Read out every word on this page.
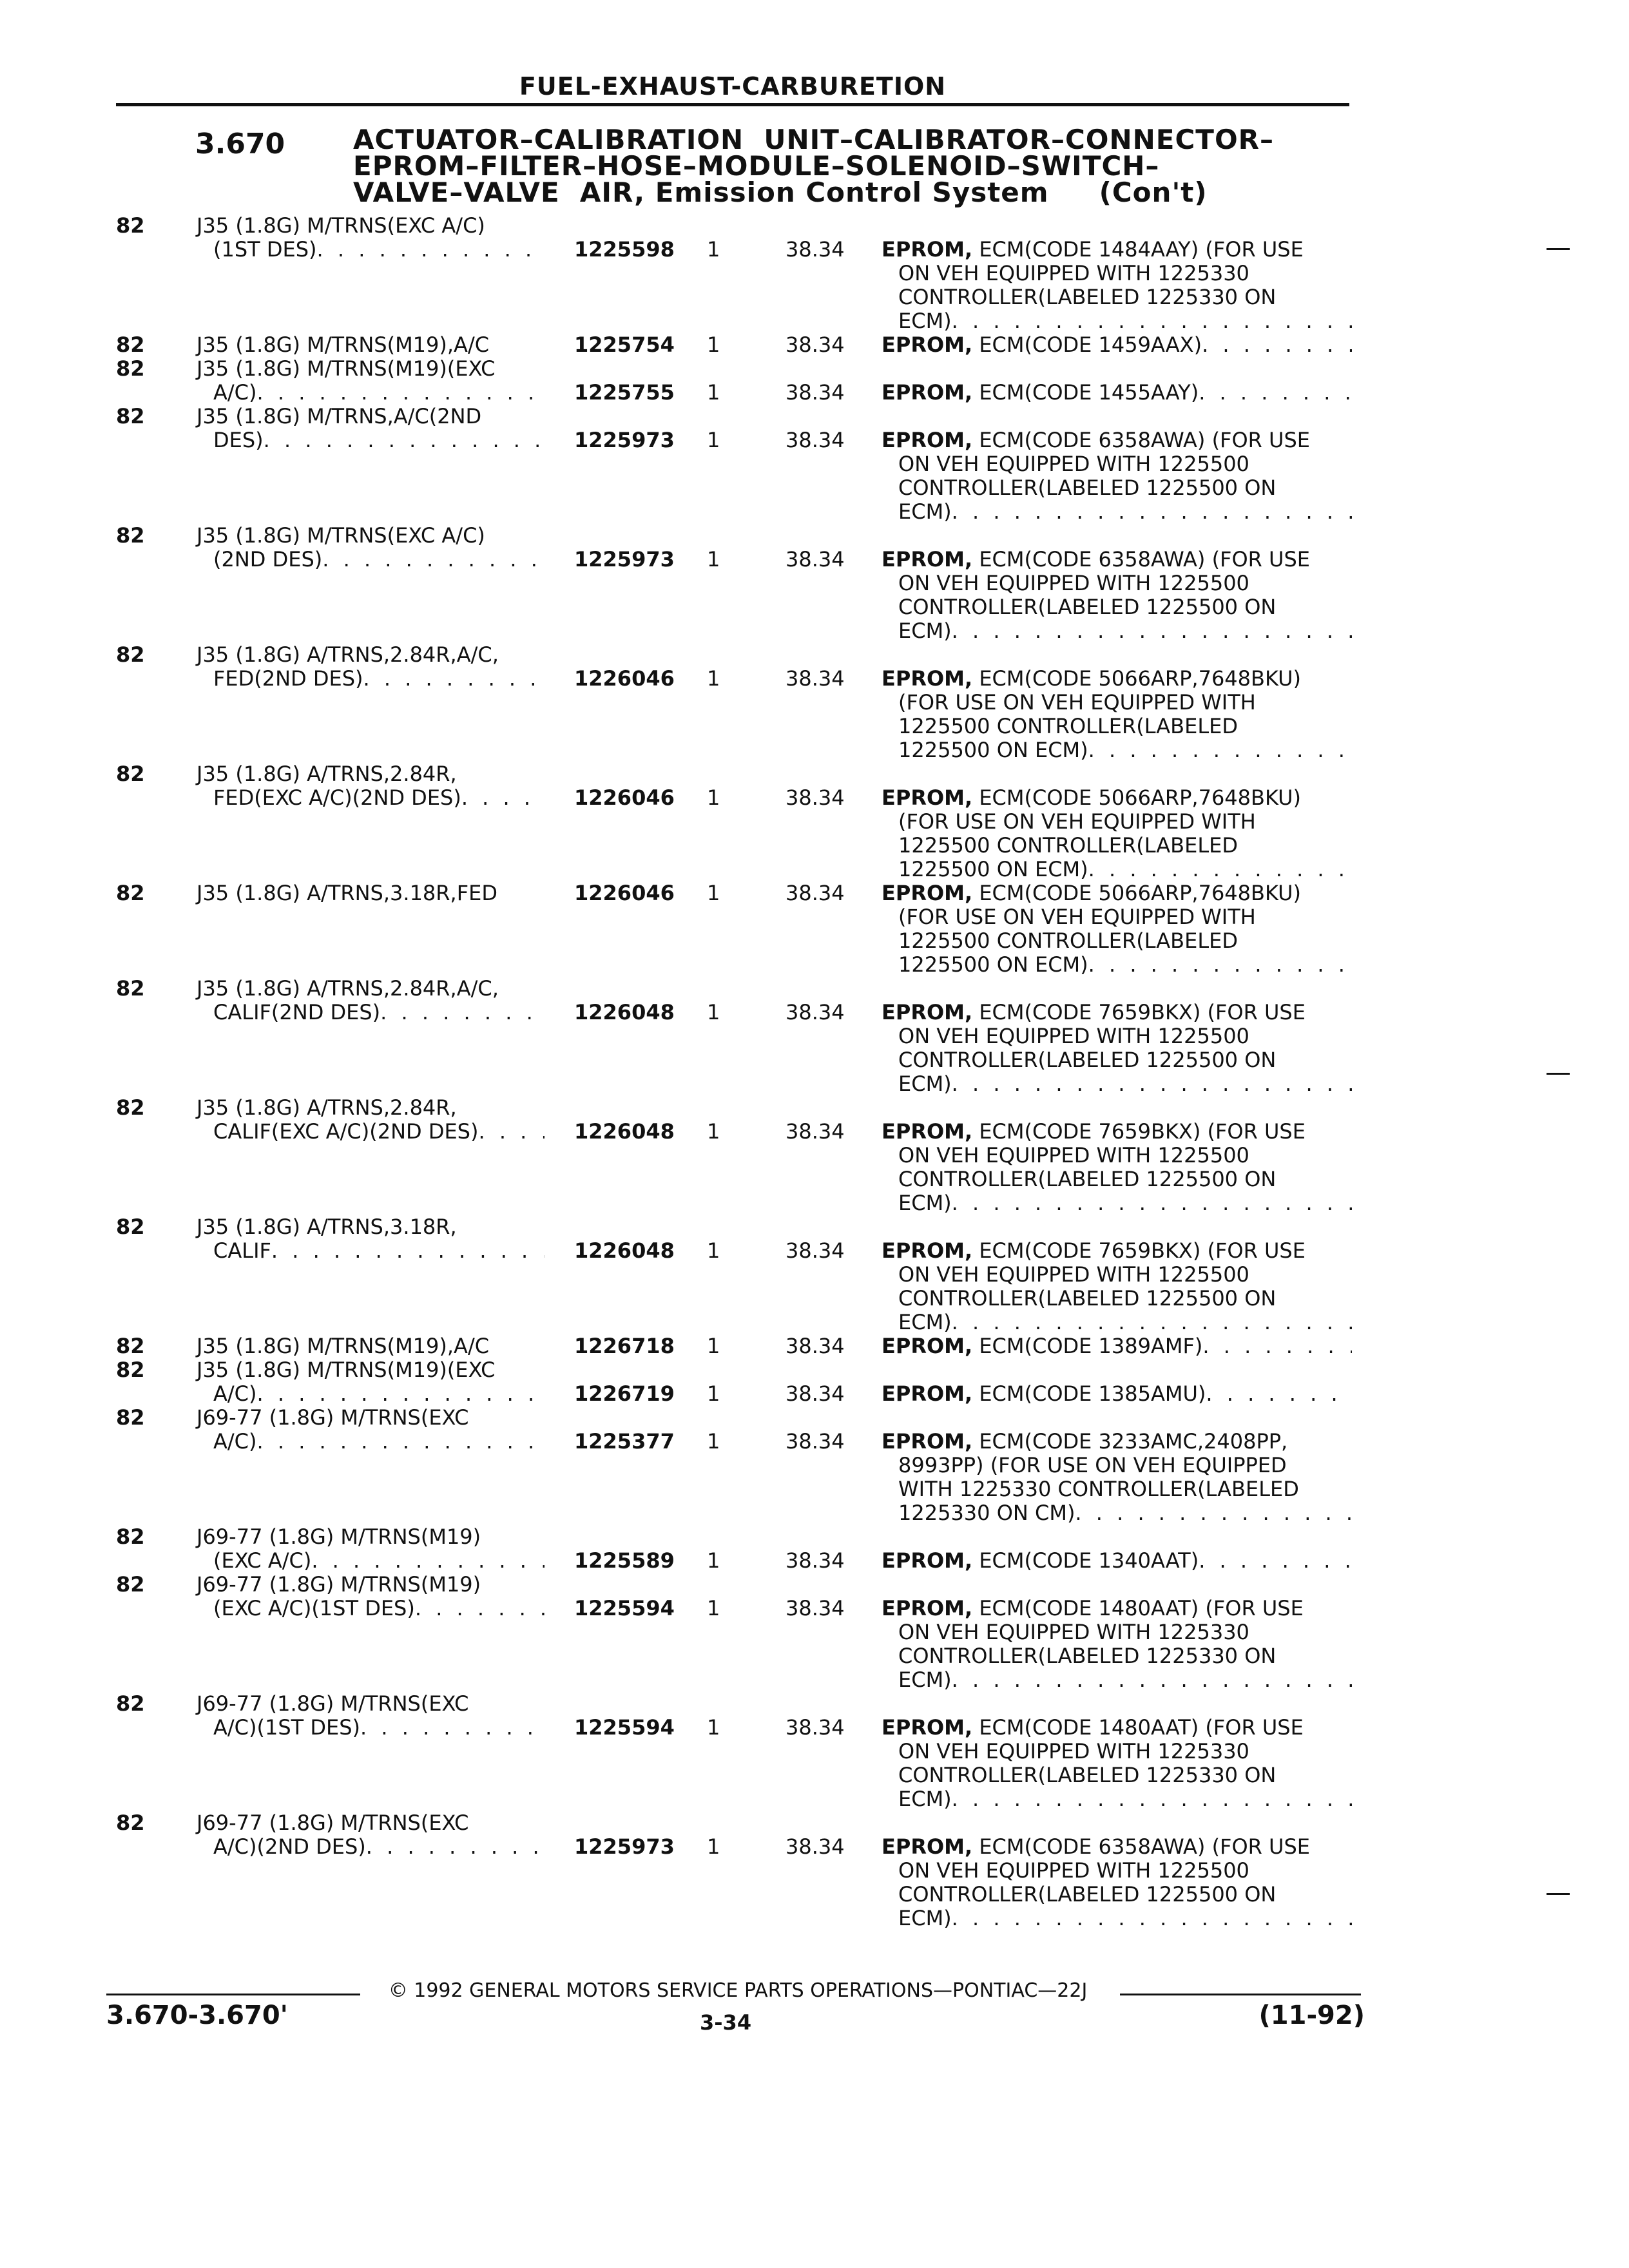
FUEL-EXHAUST-CARBURETION
3.670	ACTUATOR–CALIBRATION  UNIT–CALIBRATOR–CONNECTOR–
EPROM–FILTER–HOSE–MODULE–SOLENOID–SWITCH–
VALVE–VALVE  AIR, Emission Control System     (Con't)
82	J35 (1.8G) M/TRNS(EXC A/C)
(1ST DES) . . .	1225598	1	38.34	EPROM,
ECM(CODE 1484AAY) (FOR USE
ON VEH EQUIPPED WITH 1225330
CONTROLLER(LABELED 1225330 ON
ECM)
. . .
82	J35 (1.8G) M/TRNS(M19),A/C	1225754	1	38.34	EPROM,
ECM(CODE 1459AAX)
. . .
82	J35 (1.8G) M/TRNS(M19)(EXC
A/C) . . .	1225755	1	38.34	EPROM,
ECM(CODE 1455AAY)
. . .
82	J35 (1.8G) M/TRNS,A/C(2ND
DES) . . .	1225973	1	38.34	EPROM,
ECM(CODE 6358AWA) (FOR USE
ON VEH EQUIPPED WITH 1225500
CONTROLLER(LABELED 1225500 ON
ECM)
. . .
82	J35 (1.8G) M/TRNS(EXC A/C)
(2ND DES) . . .	1225973	1	38.34	EPROM,
ECM(CODE 6358AWA) (FOR USE
ON VEH EQUIPPED WITH 1225500
CONTROLLER(LABELED 1225500 ON
ECM)
. . .
82	J35 (1.8G) A/TRNS,2.84R,A/C,
FED(2ND DES) . . .	1226046	1	38.34	EPROM,
ECM(CODE 5066ARP,7648BKU)
(FOR USE ON VEH EQUIPPED WITH
1225500 CONTROLLER(LABELED
1225500 ON ECM)
. . .
82	J35 (1.8G) A/TRNS,2.84R,
FED(EXC A/C)(2ND DES) . . .	1226046	1	38.34	EPROM,
ECM(CODE 5066ARP,7648BKU)
(FOR USE ON VEH EQUIPPED WITH
1225500 CONTROLLER(LABELED
1225500 ON ECM)
. . .
82	J35 (1.8G) A/TRNS,3.18R,FED	1226046	1	38.34	EPROM,
ECM(CODE 5066ARP,7648BKU)
(FOR USE ON VEH EQUIPPED WITH
1225500 CONTROLLER(LABELED
1225500 ON ECM)
. . .
82	J35 (1.8G) A/TRNS,2.84R,A/C,
CALIF(2ND DES) . . .	1226048	1	38.34	EPROM,
ECM(CODE 7659BKX) (FOR USE
ON VEH EQUIPPED WITH 1225500
CONTROLLER(LABELED 1225500 ON
ECM)
. . .
82	J35 (1.8G) A/TRNS,2.84R,
CALIF(EXC A/C)(2ND DES) . . .	1226048	1	38.34	EPROM,
ECM(CODE 7659BKX) (FOR USE
ON VEH EQUIPPED WITH 1225500
CONTROLLER(LABELED 1225500 ON
ECM)
. . .
82	J35 (1.8G) A/TRNS,3.18R,
CALIF . . .	1226048	1	38.34	EPROM,
ECM(CODE 7659BKX) (FOR USE
ON VEH EQUIPPED WITH 1225500
CONTROLLER(LABELED 1225500 ON
ECM)
. . .
82	J35 (1.8G) M/TRNS(M19),A/C	1226718	1	38.34	EPROM,
ECM(CODE 1389AMF)
. . .
82	J35 (1.8G) M/TRNS(M19)(EXC
A/C) . . .	1226719	1	38.34	EPROM,
ECM(CODE 1385AMU)
. . .
82	J69-77 (1.8G) M/TRNS(EXC
A/C) . . .	1225377	1	38.34	EPROM,
ECM(CODE 3233AMC,2408PP,
8993PP) (FOR USE ON VEH EQUIPPED
WITH 1225330 CONTROLLER(LABELED
1225330 ON CM)
. . .
82	J69-77 (1.8G) M/TRNS(M19)
(EXC A/C) . . .	1225589	1	38.34	EPROM,
ECM(CODE 1340AAT)
. . .
82	J69-77 (1.8G) M/TRNS(M19)
(EXC A/C)(1ST DES) . . .	1225594	1	38.34	EPROM,
ECM(CODE 1480AAT) (FOR USE
ON VEH EQUIPPED WITH 1225330
CONTROLLER(LABELED 1225330 ON
ECM)
. . .
82	J69-77 (1.8G) M/TRNS(EXC
A/C)(1ST DES) . . .	1225594	1	38.34	EPROM,
ECM(CODE 1480AAT) (FOR USE
ON VEH EQUIPPED WITH 1225330
CONTROLLER(LABELED 1225330 ON
ECM)
. . .
82	J69-77 (1.8G) M/TRNS(EXC
A/C)(2ND DES) . . .	1225973	1	38.34	EPROM,
ECM(CODE 6358AWA) (FOR USE
ON VEH EQUIPPED WITH 1225500
CONTROLLER(LABELED 1225500 ON
ECM)
. . .
© 1992 GENERAL MOTORS SERVICE PARTS OPERATIONS—PONTIAC—22J
3.670-3.670'	3-34	(11-92)
